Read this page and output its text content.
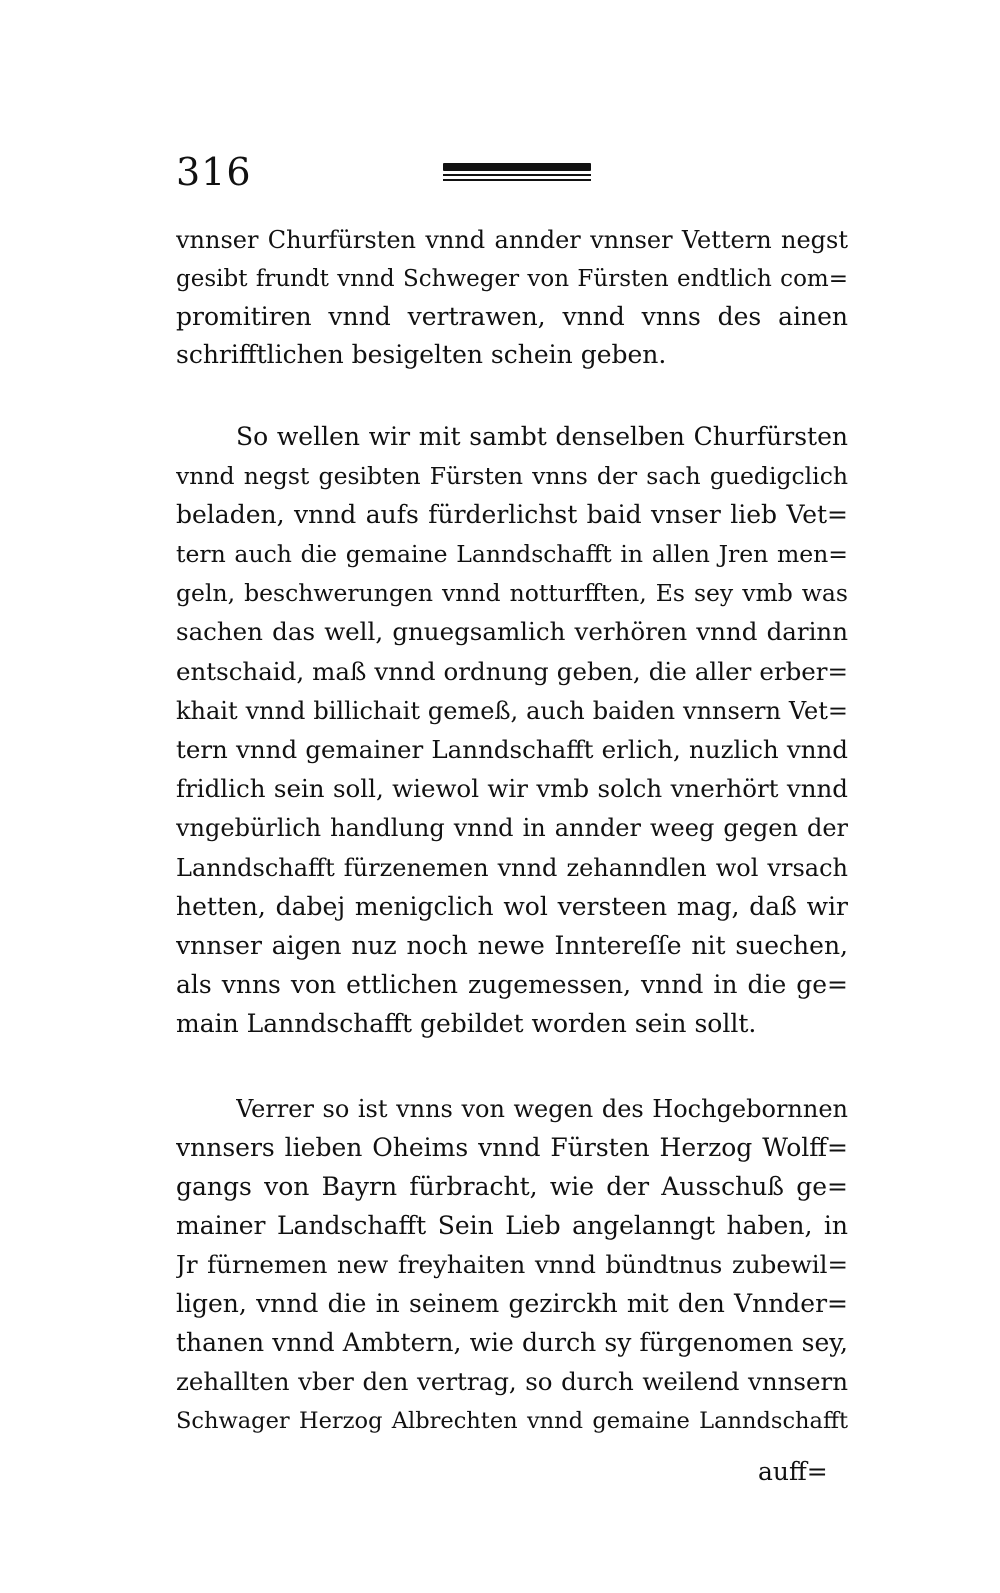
316
vnnser Churfürsten vnnd annder vnnser Vettern negst
gesibt frundt vnnd Schweger von Fürsten endtlich com=
promitiren vnnd vertrawen, vnnd vnns des ainen
schrifftlichen besigelten schein geben.
So wellen wir mit sambt denselben Churfürsten
vnnd negst gesibten Fürsten vnns der sach guedigclich
beladen, vnnd aufs fürderlichst baid vnser lieb Vet=
tern auch die gemaine Lanndschafft in allen Jren men=
geln, beschwerungen vnnd notturfften, Es sey vmb was
sachen das well, gnuegsamlich verhören vnnd darinn
entschaid, maß vnnd ordnung geben, die aller erber=
khait vnnd billichait gemeß, auch baiden vnnsern Vet=
tern vnnd gemainer Lanndschafft erlich, nuzlich vnnd
fridlich sein soll, wiewol wir vmb solch vnerhört vnnd
vngebürlich handlung vnnd in annder weeg gegen der
Lanndschafft fürzenemen vnnd zehanndlen wol vrsach
hetten, dabej menigclich wol versteen mag, daß wir
vnnser aigen nuz noch newe Inntereſſe nit suechen,
als vnns von ettlichen zugemessen, vnnd in die ge=
main Lanndschafft gebildet worden sein sollt.
Verrer so ist vnns von wegen des Hochgebornnen
vnnsers lieben Oheims vnnd Fürsten Herzog Wolff=
gangs von Bayrn fürbracht, wie der Ausschuß ge=
mainer Landschafft Sein Lieb angelanngt haben, in
Jr fürnemen new freyhaiten vnnd bündtnus zubewil=
ligen, vnnd die in seinem gezirckh mit den Vnnder=
thanen vnnd Ambtern, wie durch sy fürgenomen sey,
zehallten vber den vertrag, so durch weilend vnnsern
Schwager Herzog Albrechten vnnd gemaine Lanndschafft
auff=
